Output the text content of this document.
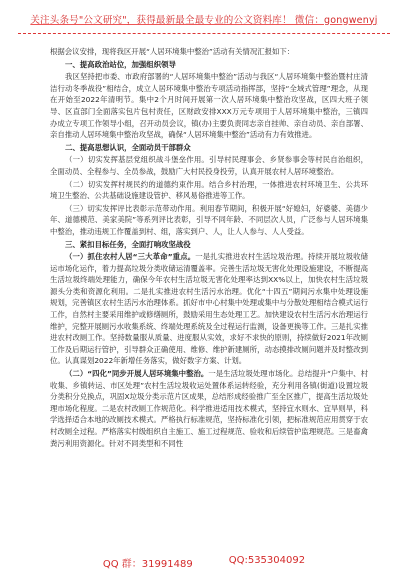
关注头条号"公文研究"，获得最新最全最专业的公文资料库！ 微信：gongwenyj

根据会议安排，现将我区开展“人居环境集中整治”活动有关情况汇报如下：

一、提高政治站位，加强组织领导

我区坚持把市委、市政府部署的“人居环境集中整治”活动与我区“人居环境集中整治暨村庄清洁行动冬季战役”相结合，成立人居环境集中整治专项活动指挥部，坚持“全域式管理”理念，从现在开始至2022年清明节。集中2个月时间开展第一次人居环境集中整治攻坚战，区四大班子领导、区直部门全面落实包片包村责任，区财政安排XXX万元专项用于人居环境集中整治，三镇四办成立专项工作领导小组，召开动员会议，镇(办)主要负责同志亲自挂帅、亲自动员、亲自部署、亲自推动人居环境集中整治攻坚战，确保“人居环境集中整治”活动有力有效推进。

二、提高思想认识，全面动员干部群众

（一）切实发挥基层党组织战斗堡垒作用。引导村民理事会、乡贤参事会等村民自治组织，全面动员、全程参与、全员参战，鼓励广大村民投身投劳，认真开展农村人居环境整治。

（二）切实发挥村规民约的道德约束作用。结合乡村治理，一体推进农村环境卫生、公共环境卫生整治、公共基础设施建设管护、移风易俗推进等工作。

（三）切实发挥评比表彰示范带动作用。利用春节期间，积极开展“好媳妇，好婆婆、美德少年、道德模范、美家美院”等系列评比表彰，引导不同年龄、不同层次人员，广泛参与人居环境集中整治，推动违规工作覆盖到村、组，落实到户、人，让人人参与、人人受益。

三、紧扣目标任务，全面打响攻坚战役

（一）抓住农村人居“三大革命”重点。一是扎实推进农村生活垃圾治理。持续开展垃圾收储运市场化运作，着力提高垃圾分类收储运清覆盖率。完善生活垃圾无害化处理设施建设，不断提高生活垃圾终端处理能力，确保今年农村生活垃圾无害化处理率达到XX%以上，加快农村生活垃圾源头分类和资源化利用。二是扎实推进农村生活污水治理。优化“十四五”期间污水集中处理设施规划，完善镇区农村生活污水治理体系。抓好市中心村集中处理或集中与分散处理相结合模式运行工作，自然村主要采用维护或修缮厕所，鼓励采用生态处理工艺。加快建设农村生活污水治理运行维护，完整开展厕污水收集系统、终端处理系统及全过程运行监测，设备更换等工作。三是扎实推进农村改厕工作。坚持数量服从质量、进度服从实效，求好不求快的原则，持续做好2021年改厕工作及后期运行管护，引导群众正确使用、维修、维护新建厕所，动态摸排改厕问题并及时整改到位。认真谋划2022年新增任务落实，做好数字方案、计划。

（二）“四化”同步开展人居环境集中整治。一是生活垃圾处理市场化。总结提升“户集中、村收集、乡镇转运、市区处理”农村生活垃圾收运处置体系运转经验，充分利用各镇(街道)设置垃圾分类积分兑换点，巩固X垃圾分类示范片区成果，总结形成经验推广至全区推广，提高生活垃圾处理市场化程度。二是农村改厕工作规范化。科学推进适用技术模式，坚持宜水则水、宜旱则旱，科学选择适合本地的改厕技术模式。严格执行标准规范，坚持标准化引领，把标准规范应用贯穿于农村改厕全过程。严格落实村级组织自主施工、施工过程规范、验收和后续管护监理规范。三是畜禽粪污利用资源化。针对不同类型和不同性

QQ 群：31991489	QQ:535304092
